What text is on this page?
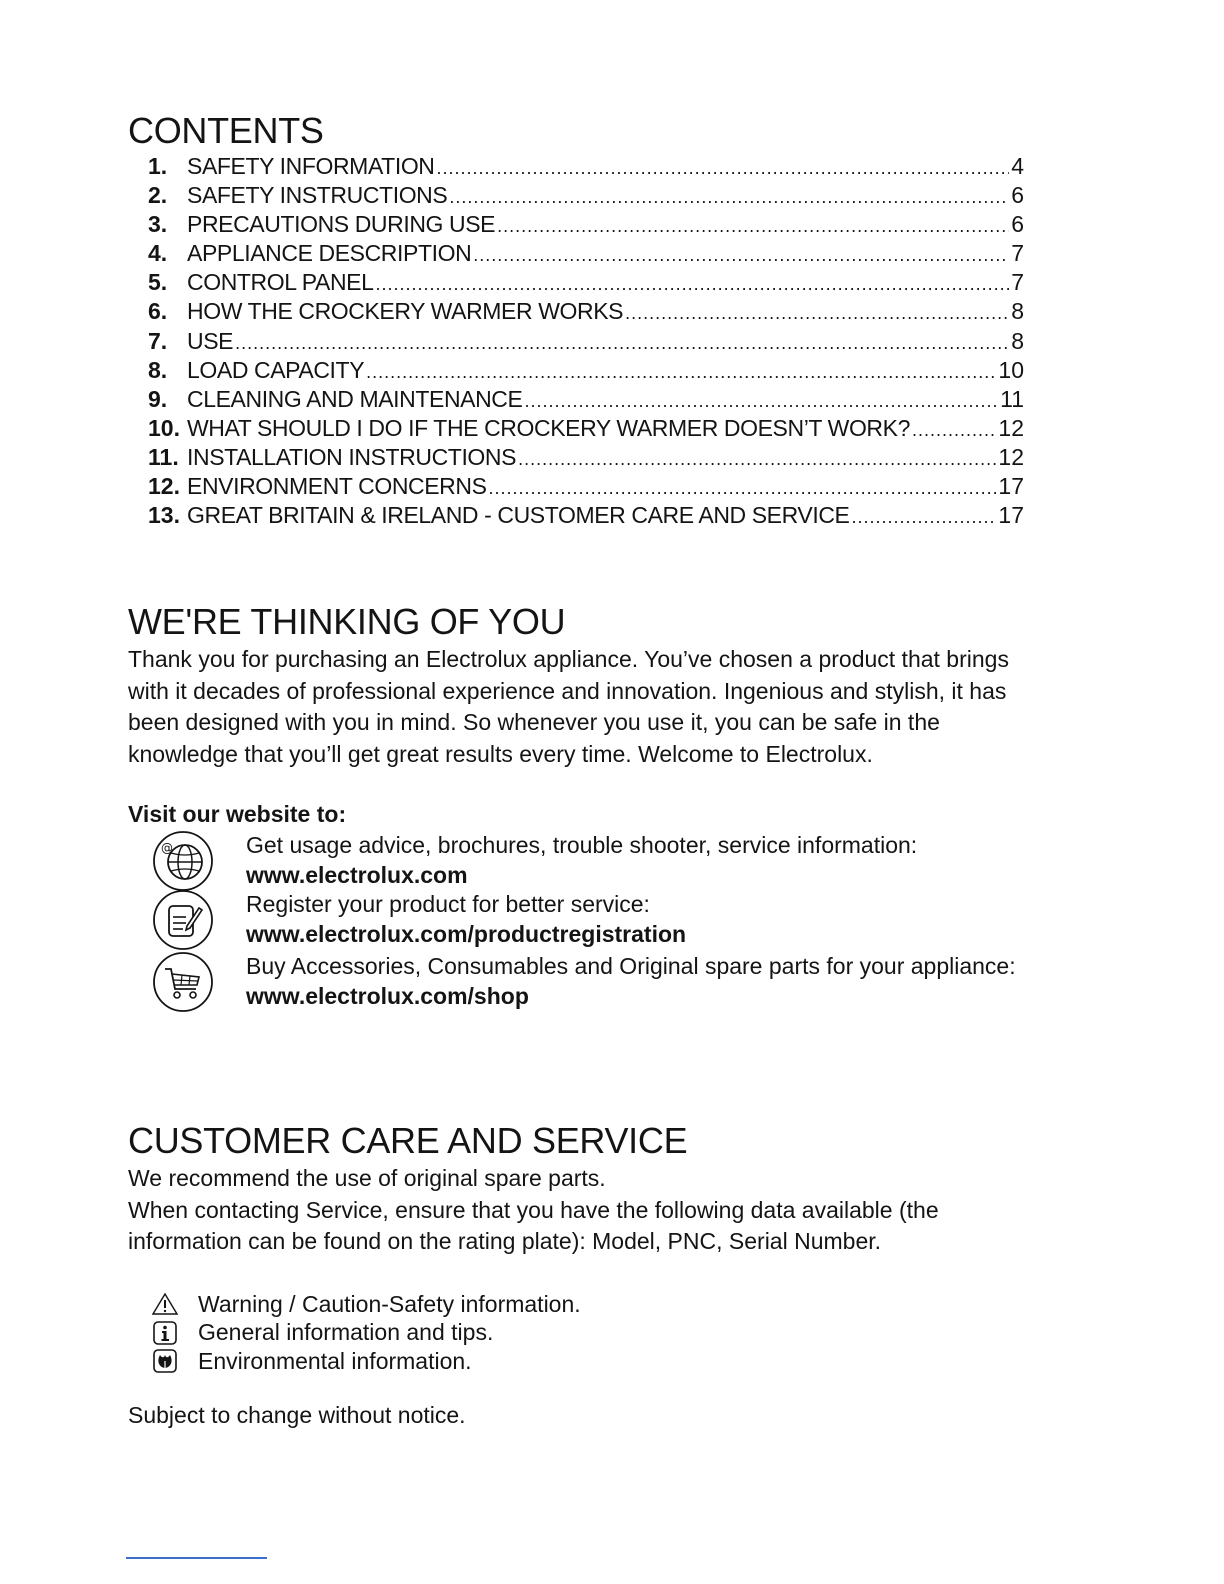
CONTENTS
1. SAFETY INFORMATION .....	4
2. SAFETY INSTRUCTIONS .....	6
3. PRECAUTIONS DURING USE .....	6
4. APPLIANCE DESCRIPTION .....	7
5. CONTROL PANEL .....	7
6. HOW THE CROCKERY WARMER WORKS .....	8
7. USE .....	8
8. LOAD CAPACITY .....	10
9. CLEANING AND MAINTENANCE .....	11
10. WHAT SHOULD I DO IF THE CROCKERY WARMER DOESN’T WORK? .....	12
11. INSTALLATION INSTRUCTIONS .....	12
12. ENVIRONMENT CONCERNS .....	17
13. GREAT BRITAIN & IRELAND - CUSTOMER CARE AND SERVICE .....	17
WE'RE THINKING OF YOU

Thank you for purchasing an Electrolux appliance. You’ve chosen a product that brings
with it decades of professional experience and innovation. Ingenious and stylish, it has
been designed with you in mind. So whenever you use it, you can be safe in the
knowledge that you’ll get great results every time. Welcome to Electrolux.

Visit our website to:

@	Get usage advice, brochures, trouble shooter, service information:
www.electrolux.com
Register your product for better service:
www.electrolux.com/productregistration
Buy Accessories, Consumables and Original spare parts for your appliance:
www.electrolux.com/shop
CUSTOMER CARE AND SERVICE

We recommend the use of original spare parts.
When contacting Service, ensure that you have the following data available (the
information can be found on the rating plate): Model, PNC, Serial Number.

Warning / Caution-Safety information.
General information and tips.
Environmental information.

Subject to change without notice.
